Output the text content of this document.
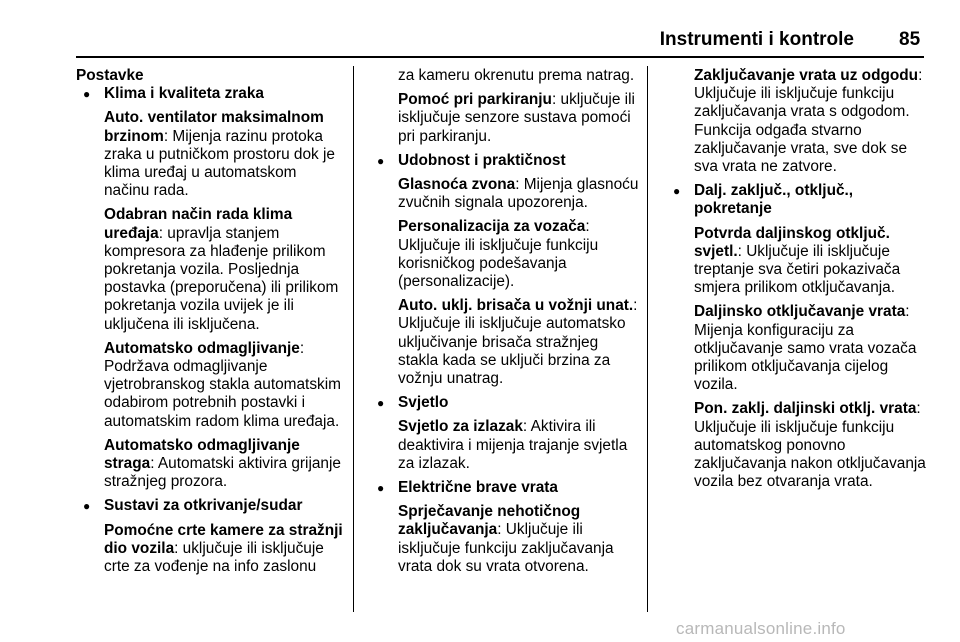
Instrumenti i kontrole 85
Postavke
● Klima i kvaliteta zraka
Auto. ventilator maksimalnom brzinom: Mijenja razinu protoka zraka u putničkom prostoru dok je klima uređaj u automatskom načinu rada.
Odabran način rada klima uređaja: upravlja stanjem kompresora za hlađenje prilikom pokretanja vozila. Posljednja postavka (preporučena) ili prilikom pokretanja vozila uvijek je ili uključena ili isključena.
Automatsko odmagljivanje: Podržava odmagljivanje vjetrobranskog stakla automatskim odabirom potrebnih postavki i automatskim radom klima uređaja.
Automatsko odmagljivanje straga: Automatski aktivira grijanje stražnjeg prozora.
● Sustavi za otkrivanje/sudar
Pomoćne crte kamere za stražnji dio vozila: uključuje ili isključuje crte za vođenje na info zaslonu
za kameru okrenutu prema natrag.
Pomoć pri parkiranju: uključuje ili isključuje senzore sustava pomoći pri parkiranju.
● Udobnost i praktičnost
Glasnoća zvona: Mijenja glasnoću zvučnih signala upozorenja.
Personalizacija za vozača: Uključuje ili isključuje funkciju korisničkog podešavanja (personalizacije).
Auto. uklj. brisača u vožnji unat.: Uključuje ili isključuje automatsko uključivanje brisača stražnjeg stakla kada se uključi brzina za vožnju unatrag.
● Svjetlo
Svjetlo za izlazak: Aktivira ili deaktivira i mijenja trajanje svjetla za izlazak.
● Električne brave vrata
Sprječavanje nehotičnog zaključavanja: Uključuje ili isključuje funkciju zaključavanja vrata dok su vrata otvorena.
Zaključavanje vrata uz odgodu: Uključuje ili isključuje funkciju zaključavanja vrata s odgodom. Funkcija odgađa stvarno zaključavanje vrata, sve dok se sva vrata ne zatvore.
● Dalj. zaključ., otključ., pokretanje
Potvrda daljinskog otključ. svjetl.: Uključuje ili isključuje treptanje sva četiri pokazivača smjera prilikom otključavanja.
Daljinsko otključavanje vrata: Mijenja konfiguraciju za otključavanje samo vrata vozača prilikom otključavanja cijelog vozila.
Pon. zaklj. daljinski otklj. vrata: Uključuje ili isključuje funkciju automatskog ponovno zaključavanja nakon otključavanja vozila bez otvaranja vrata.
carmanualsonline.info
